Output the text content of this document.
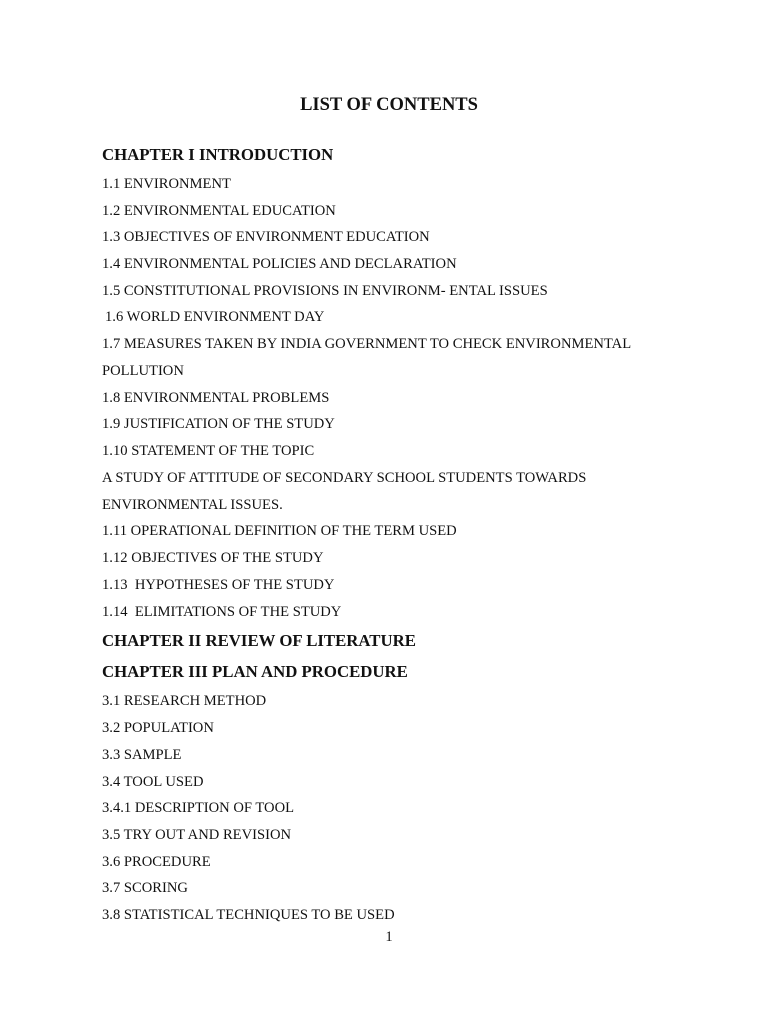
LIST OF CONTENTS
CHAPTER I INTRODUCTION
1.1 ENVIRONMENT
1.2 ENVIRONMENTAL EDUCATION
1.3 OBJECTIVES OF ENVIRONMENT EDUCATION
1.4 ENVIRONMENTAL POLICIES AND DECLARATION
1.5 CONSTITUTIONAL PROVISIONS IN ENVIRONM- ENTAL ISSUES
1.6 WORLD ENVIRONMENT DAY
1.7 MEASURES TAKEN BY INDIA GOVERNMENT TO CHECK ENVIRONMENTAL
POLLUTION
1.8 ENVIRONMENTAL PROBLEMS
1.9 JUSTIFICATION OF THE STUDY
1.10 STATEMENT OF THE TOPIC
A STUDY OF ATTITUDE OF SECONDARY SCHOOL STUDENTS TOWARDS
ENVIRONMENTAL ISSUES.
1.11 OPERATIONAL DEFINITION OF THE TERM USED
1.12 OBJECTIVES OF THE STUDY
1.13  HYPOTHESES OF THE STUDY
1.14  ELIMITATIONS OF THE STUDY
CHAPTER II REVIEW OF LITERATURE
CHAPTER III PLAN AND PROCEDURE
3.1 RESEARCH METHOD
3.2 POPULATION
3.3 SAMPLE
3.4 TOOL USED
3.4.1 DESCRIPTION OF TOOL
3.5 TRY OUT AND REVISION
3.6 PROCEDURE
3.7 SCORING
3.8 STATISTICAL TECHNIQUES TO BE USED
1
